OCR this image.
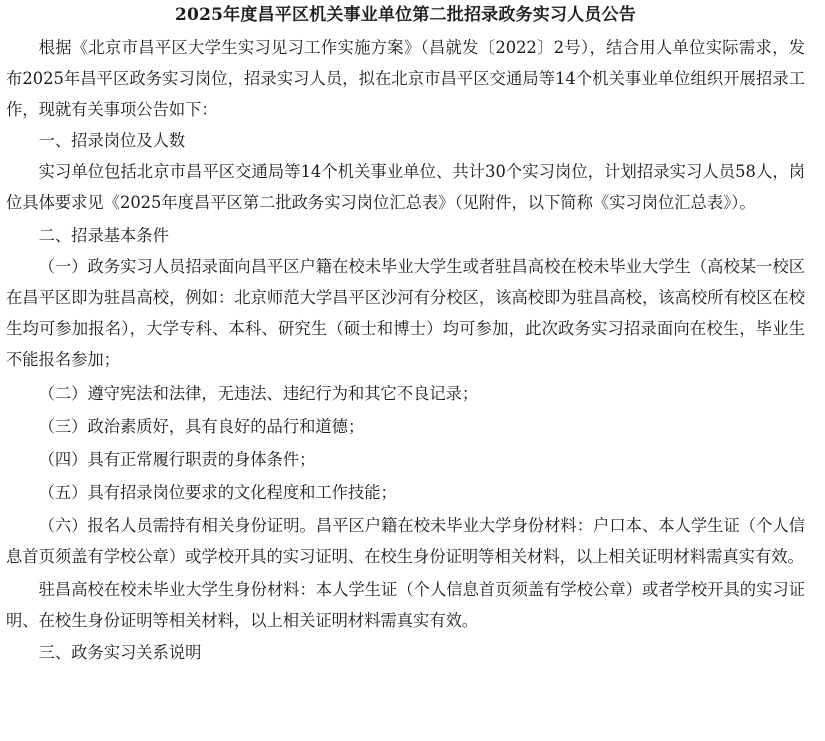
2025年度昌平区机关事业单位第二批招录政务实习人员公告

根据《北京市昌平区大学生实习见习工作实施方案》（昌就发〔2022〕2号），结合用人单位实际需求，发布2025年昌平区政务实习岗位，招录实习人员，拟在北京市昌平区交通局等14个机关事业单位组织开展招录工作，现就有关事项公告如下：

一、招录岗位及人数

实习单位包括北京市昌平区交通局等14个机关事业单位、共计30个实习岗位，计划招录实习人员58人，岗位具体要求见《2025年度昌平区第二批政务实习岗位汇总表》（见附件，以下简称《实习岗位汇总表》）。

二、招录基本条件

（一）政务实习人员招录面向昌平区户籍在校未毕业大学生或者驻昌高校在校未毕业大学生（高校某一校区在昌平区即为驻昌高校，例如：北京师范大学昌平区沙河有分校区，该高校即为驻昌高校，该高校所有校区在校生均可参加报名），大学专科、本科、研究生（硕士和博士）均可参加，此次政务实习招录面向在校生，毕业生不能报名参加；

（二）遵守宪法和法律，无违法、违纪行为和其它不良记录；

（三）政治素质好，具有良好的品行和道德；

（四）具有正常履行职责的身体条件；

（五）具有招录岗位要求的文化程度和工作技能；

（六）报名人员需持有相关身份证明。昌平区户籍在校未毕业大学身份材料：户口本、本人学生证（个人信息首页须盖有学校公章）或学校开具的实习证明、在校生身份证明等相关材料，以上相关证明材料需真实有效。

驻昌高校在校未毕业大学生身份材料：本人学生证（个人信息首页须盖有学校公章）或者学校开具的实习证明、在校生身份证明等相关材料，以上相关证明材料需真实有效。

三、政务实习关系说明
